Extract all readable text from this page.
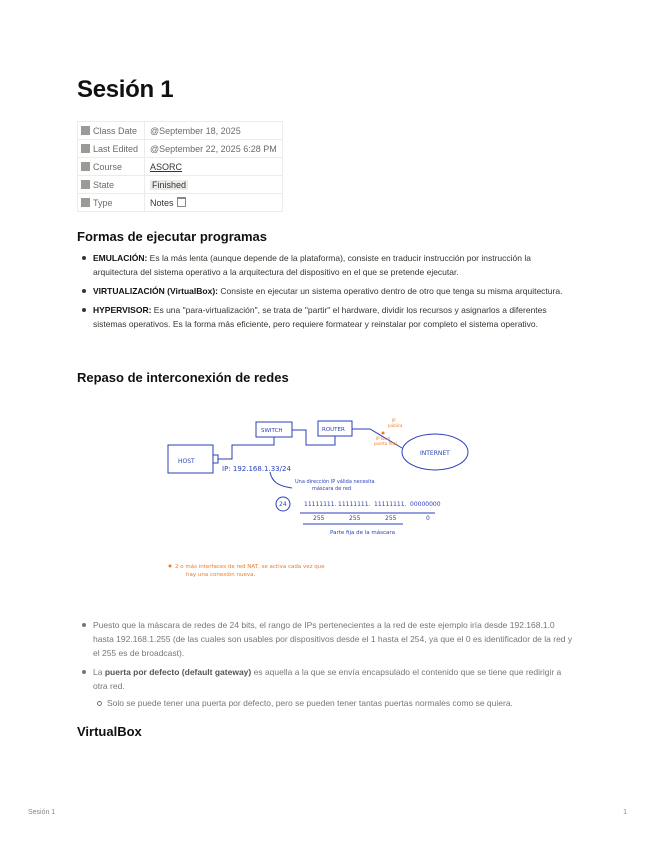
Sesión 1
Class Date	@September 18, 2025
Last Edited	@September 22, 2025 6:28 PM
Course	ASORC
State	Finished
Type	Notes
Formas de ejecutar programas
EMULACIÓN: Es la más lenta (aunque depende de la plataforma), consiste en traducir instrucción por instrucción la arquitectura del sistema operativo a la arquitectura del dispositivo en el que se pretende ejecutar.
VIRTUALIZACIÓN (VirtualBox): Consiste en ejecutar un sistema operativo dentro de otro que tenga su misma arquitectura.
HYPERVISOR: Es una "para-virtualización", se trata de "partir" el hardware, dividir los recursos y asignarlos a diferentes sistemas operativos. Es la forma más eficiente, pero requiere formatear y reinstalar por completo el sistema operativo.
Repaso de interconexión de redes
HOST
SWITCH	ROUTER
INTERNET
IP: 192.168.1.33/24
Una dirección IP válida necesita
máscara de red
24	11111111. 11111111. 11111111. 00000000
255	255	255	0
Parte fija de la máscara
IP local
puerta final
IP
pública
2 o más interfaces de red NAT, se activa cada vez que
hay una conexión nueva.
Puesto que la máscara de redes de 24 bits, el rango de IPs pertenecientes a la red de este ejemplo iría desde 192.168.1.0 hasta 192.168.1.255 (de las cuales son usables por dispositivos desde el 1 hasta el 254, ya que el 0 es identificador de la red y el 255 es de broadcast).
La puerta por defecto (default gateway) es aquella a la que se envía encapsulado el contenido que se tiene que redirigir a otra red.
Solo se puede tener una puerta por defecto, pero se pueden tener tantas puertas normales como se quiera.
VirtualBox
Sesión 1	1
